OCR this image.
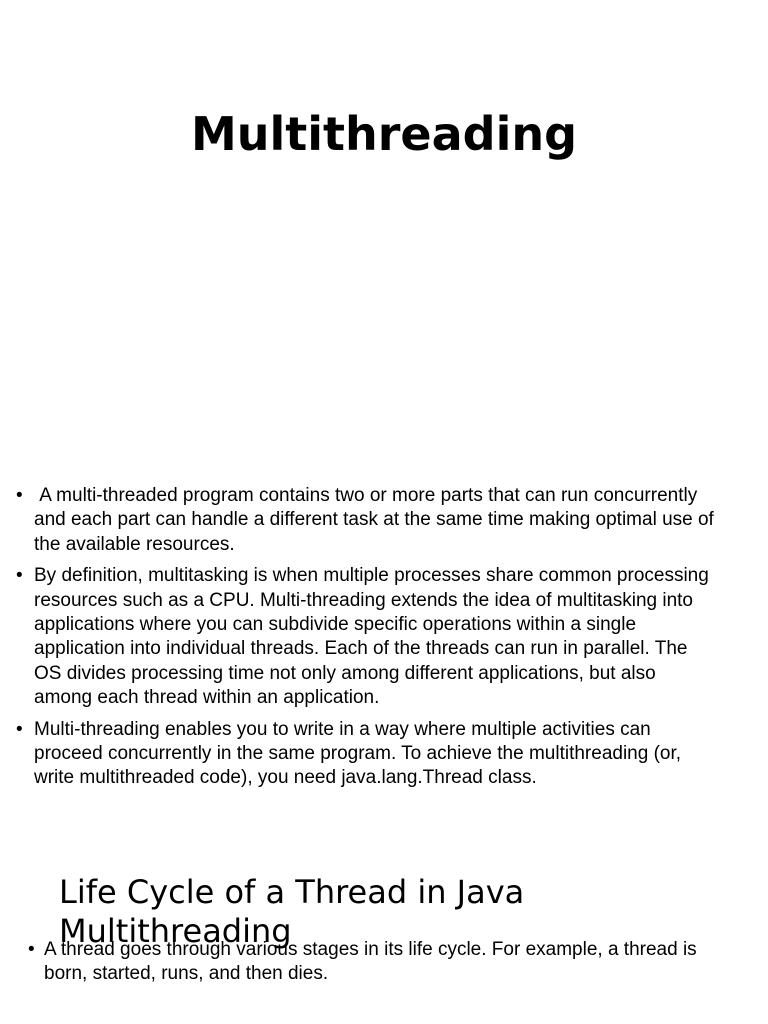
Multithreading
• A multi-threaded program contains two or more parts that can run concurrently and each part can handle a different task at the same time making optimal use of the available resources.
• By definition, multitasking is when multiple processes share common processing resources such as a CPU. Multi-threading extends the idea of multitasking into applications where you can subdivide specific operations within a single application into individual threads. Each of the threads can run in parallel. The OS divides processing time not only among different applications, but also among each thread within an application.
• Multi-threading enables you to write in a way where multiple activities can proceed concurrently in the same program. To achieve the multithreading (or, write multithreaded code), you need java.lang.Thread class.
Life Cycle of a Thread in Java Multithreading
• A thread goes through various stages in its life cycle. For example, a thread is born, started, runs, and then dies.
